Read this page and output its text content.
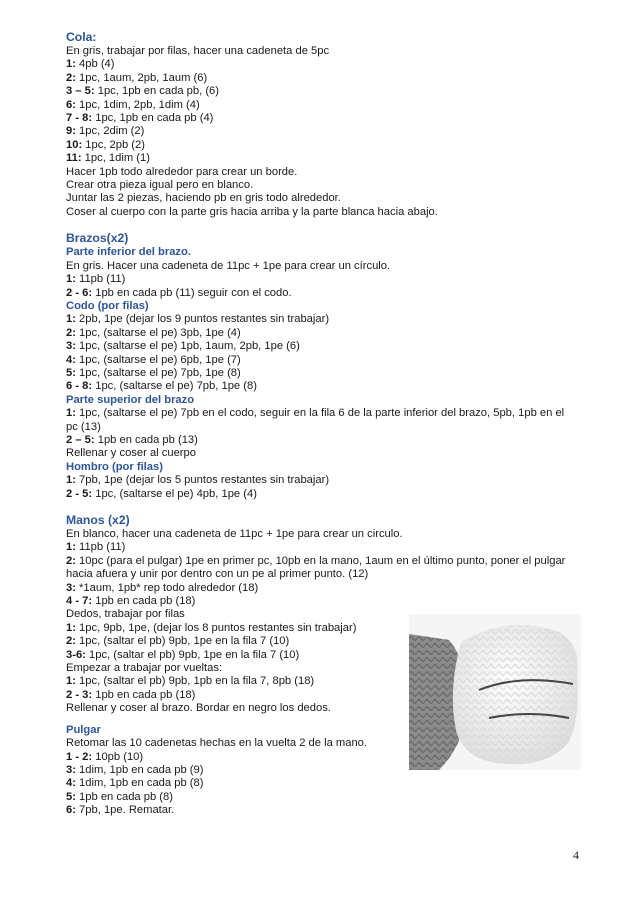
Cola:
En gris, trabajar por filas, hacer una cadeneta de 5pc
1: 4pb (4)
2: 1pc, 1aum, 2pb, 1aum (6)
3 – 5: 1pc, 1pb en cada pb, (6)
6: 1pc, 1dim, 2pb, 1dim (4)
7 - 8: 1pc, 1pb en cada pb (4)
9: 1pc, 2dim (2)
10: 1pc, 2pb (2)
11: 1pc, 1dim (1)
Hacer 1pb todo alrededor para crear un borde.
Crear otra pieza igual pero en blanco.
Juntar las 2 piezas, haciendo pb en gris todo alrededor.
Coser al cuerpo con la parte gris hacia arriba y la parte blanca hacia abajo.
Brazos(x2)
Parte inferior del brazo.
En gris. Hacer una cadeneta de 11pc + 1pe para crear un círculo.
1: 11pb (11)
2 - 6: 1pb en cada pb (11) seguir con el codo.
Codo (por filas)
1: 2pb, 1pe (dejar los 9 puntos restantes sin trabajar)
2: 1pc, (saltarse el pe) 3pb, 1pe (4)
3: 1pc, (saltarse el pe) 1pb, 1aum, 2pb, 1pe (6)
4: 1pc, (saltarse el pe) 6pb, 1pe (7)
5: 1pc, (saltarse el pe) 7pb, 1pe (8)
6 - 8: 1pc, (saltarse el pe) 7pb, 1pe (8)
Parte superior del brazo
1: 1pc, (saltarse el pe) 7pb en el codo, seguir en la fila 6 de la parte inferior del brazo, 5pb, 1pb en el pc (13)
2 – 5: 1pb en cada pb (13)
Rellenar y coser al cuerpo
Hombro (por filas)
1: 7pb, 1pe (dejar los 5 puntos restantes sin trabajar)
2 - 5: 1pc, (saltarse el pe) 4pb, 1pe (4)
Manos (x2)
En blanco, hacer una cadeneta de 11pc + 1pe para crear un circulo.
1: 11pb (11)
2: 10pc (para el pulgar) 1pe en primer pc, 10pb en la mano, 1aum en el último punto, poner el pulgar hacia afuera y unir por dentro con un pe al primer punto. (12)
3: *1aum, 1pb* rep todo alrededor (18)
4 - 7: 1pb en cada pb (18)
Dedos, trabajar por filas
1: 1pc, 9pb, 1pe, (dejar los 8 puntos restantes sin trabajar)
2: 1pc, (saltar el pb) 9pb, 1pe en la fila 7 (10)
3-6: 1pc, (saltar el pb) 9pb, 1pe en la fila 7 (10)
Empezar a trabajar por vueltas:
1: 1pc, (saltar el pb) 9pb, 1pb en la fila 7, 8pb (18)
2 - 3: 1pb en cada pb (18)
Rellenar y coser al brazo. Bordar en negro los dedos.
Pulgar
Retomar las 10 cadenetas hechas en la vuelta 2 de la mano.
1 - 2: 10pb (10)
3: 1dim, 1pb en cada pb (9)
4: 1dim, 1pb en cada pb (8)
5: 1pb en cada pb (8)
6: 7pb, 1pe. Rematar.
4
